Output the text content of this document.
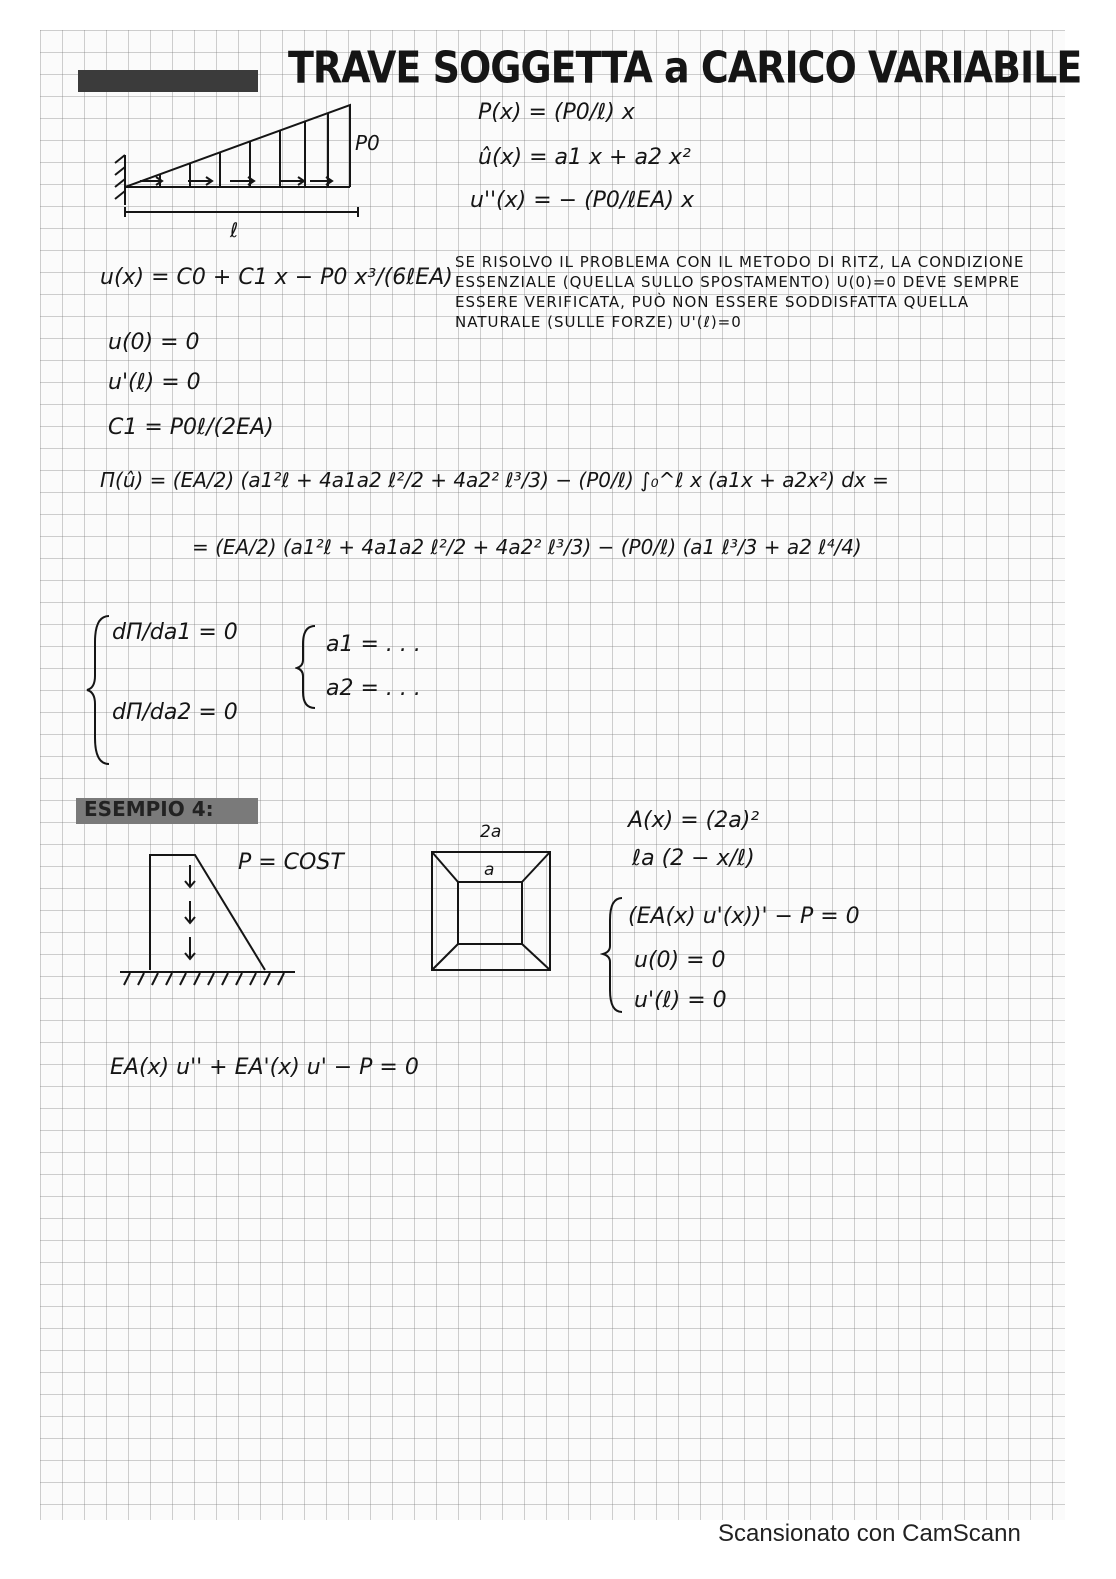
TRAVE SOGGETTA a CARICO VARIABILE
P0
ℓ
P(x) = (P0/ℓ) x
û(x) = a1 x + a2 x²
u''(x) = − (P0/ℓEA) x
u(x) = C0 + C1 x − P0 x³/(6ℓEA)
u(0) = 0
u'(ℓ) = 0
C1 = P0ℓ/(2EA)
SE RISOLVO IL PROBLEMA CON IL METODO DI RITZ, LA CONDIZIONE ESSENZIALE (QUELLA SULLO SPOSTAMENTO) U(0)=0 DEVE SEMPRE ESSERE VERIFICATA, PUÒ NON ESSERE SODDISFATTA QUELLA NATURALE (SULLE FORZE) U'(ℓ)=0
Π(û) = (EA/2) (a1²ℓ + 4a1a2 ℓ²/2 + 4a2² ℓ³/3) − (P0/ℓ) ∫₀^ℓ x (a1x + a2x²) dx =
= (EA/2) (a1²ℓ + 4a1a2 ℓ²/2 + 4a2² ℓ³/3) − (P0/ℓ) (a1 ℓ³/3 + a2 ℓ⁴/4)
dΠ/da1 = 0
dΠ/da2 = 0
a1 = . . .
a2 = . . .
ESEMPIO 4:
P = COST
2a
a
A(x) = (2a)²
ℓa (2 − x/ℓ)
(EA(x) u'(x))' − P = 0
u(0) = 0
u'(ℓ) = 0
EA(x) u'' + EA'(x) u' − P = 0
Scansionato con CamScann
